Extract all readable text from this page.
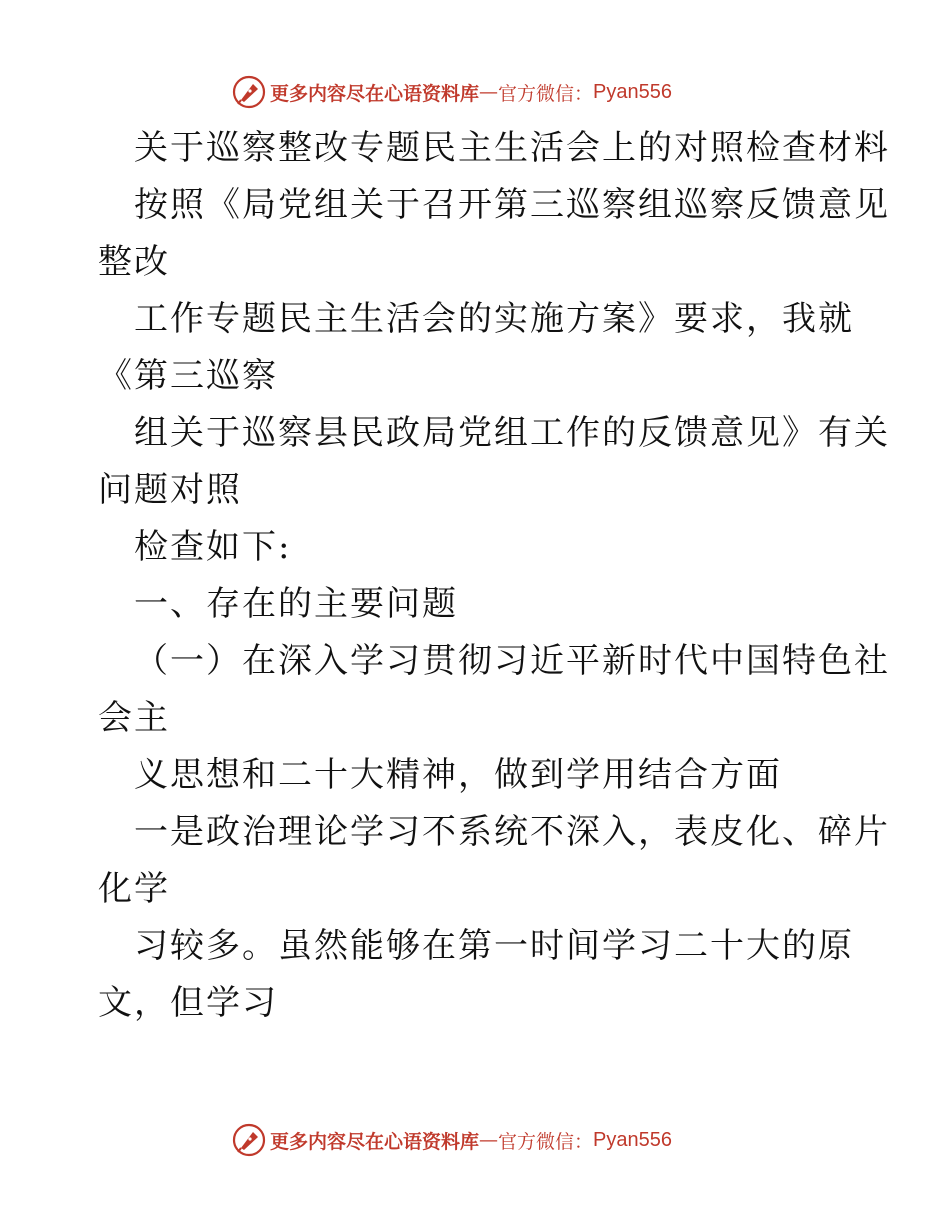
更多内容尽在心语资料库 — 官方微信： Pyan556
关于巡察整改专题民主生活会上的对照检查材料
按照《局党组关于召开第三巡察组巡察反馈意见
整改
工作专题民主生活会的实施方案》要求，我就
《第三巡察
组关于巡察县民政局党组工作的反馈意见》有关
问题对照
检查如下:
一、存在的主要问题
（一）在深入学习贯彻习近平新时代中国特色社
会主
义思想和二十大精神，做到学用结合方面
一是政治理论学习不系统不深入，表皮化、碎片
化学
习较多。虽然能够在第一时间学习二十大的原
文，但学习
更多内容尽在心语资料库 — 官方微信： Pyan556
